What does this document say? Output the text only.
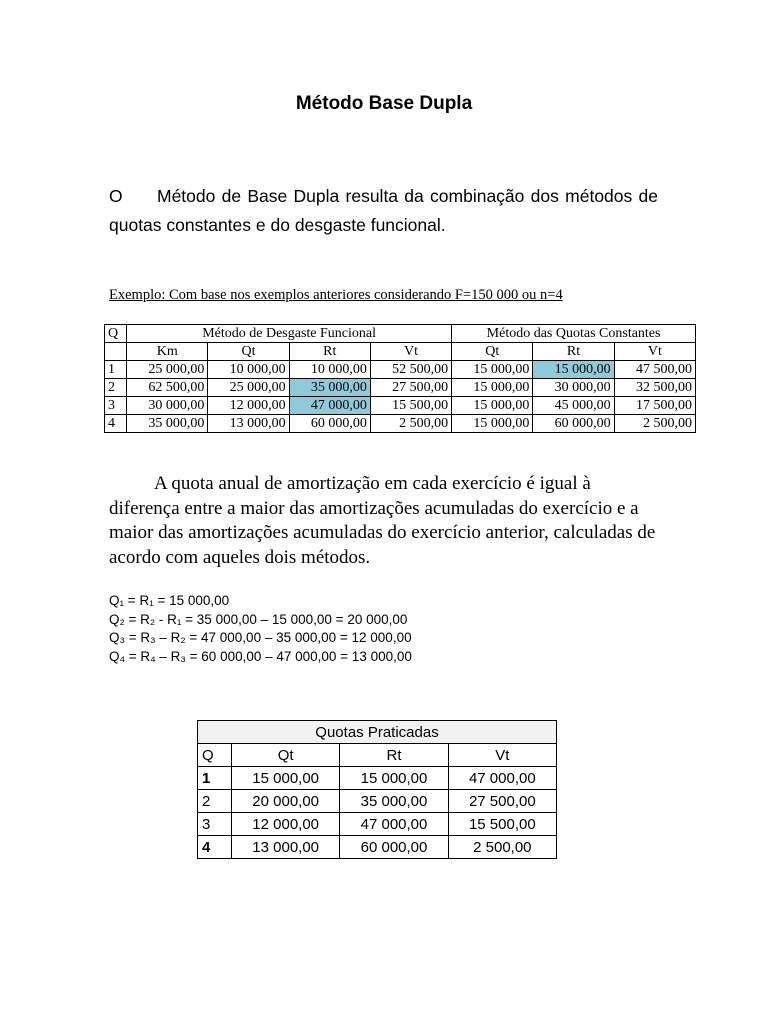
Método Base Dupla

O Método de Base Dupla resulta da combinação dos métodos de quotas constantes e do desgaste funcional.

Exemplo: Com base nos exemplos anteriores considerando F=150 000 ou n=4

Q	Método de Desgaste Funcional				Método das Quotas Constantes		
	Km	Qt	Rt	Vt	Qt	Rt	Vt
1	25 000,00	10 000,00	10 000,00	52 500,00	15 000,00	15 000,00	47 500,00
2	62 500,00	25 000,00	35 000,00	27 500,00	15 000,00	30 000,00	32 500,00
3	30 000,00	12 000,00	47 000,00	15 500,00	15 000,00	45 000,00	17 500,00
4	35 000,00	13 000,00	60 000,00	2 500,00	15 000,00	60 000,00	2 500,00

A quota anual de amortização em cada exercício é igual à diferença entre a maior das amortizações acumuladas do exercício e a maior das amortizações acumuladas do exercício anterior, calculadas de acordo com aqueles dois métodos.

Q₁ = R₁ = 15 000,00
Q₂ = R₂ - R₁ = 35 000,00 – 15 000,00 = 20 000,00
Q₃ = R₃ – R₂ = 47 000,00 – 35 000,00 = 12 000,00
Q₄ = R₄ – R₃ = 60 000,00 – 47 000,00 = 13 000,00
Quotas Praticadas			
Q	Qt	Rt	Vt
1	15 000,00	15 000,00	47 000,00
2	20 000,00	35 000,00	27 500,00
3	12 000,00	47 000,00	15 500,00
4	13 000,00	60 000,00	2 500,00
